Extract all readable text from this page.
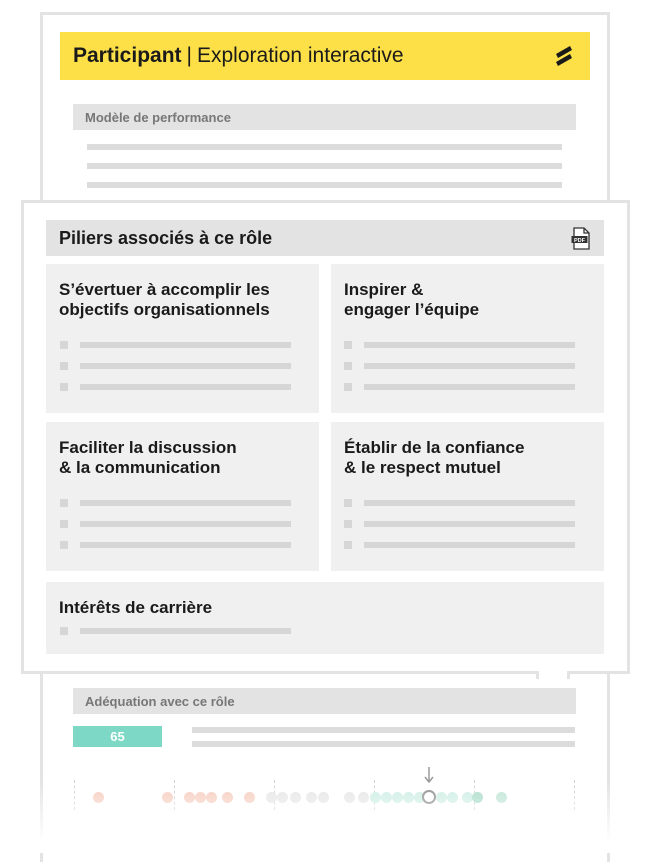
Participant | Exploration interactive
Modèle de performance
Adéquation avec ce rôle
65
Piliers associés à ce rôle	PDF
S’évertuer à accomplir les
objectifs organisationnels
Inspirer &
engager l’équipe
Faciliter la discussion
& la communication
Établir de la confiance
& le respect mutuel
Intérêts de carrière
